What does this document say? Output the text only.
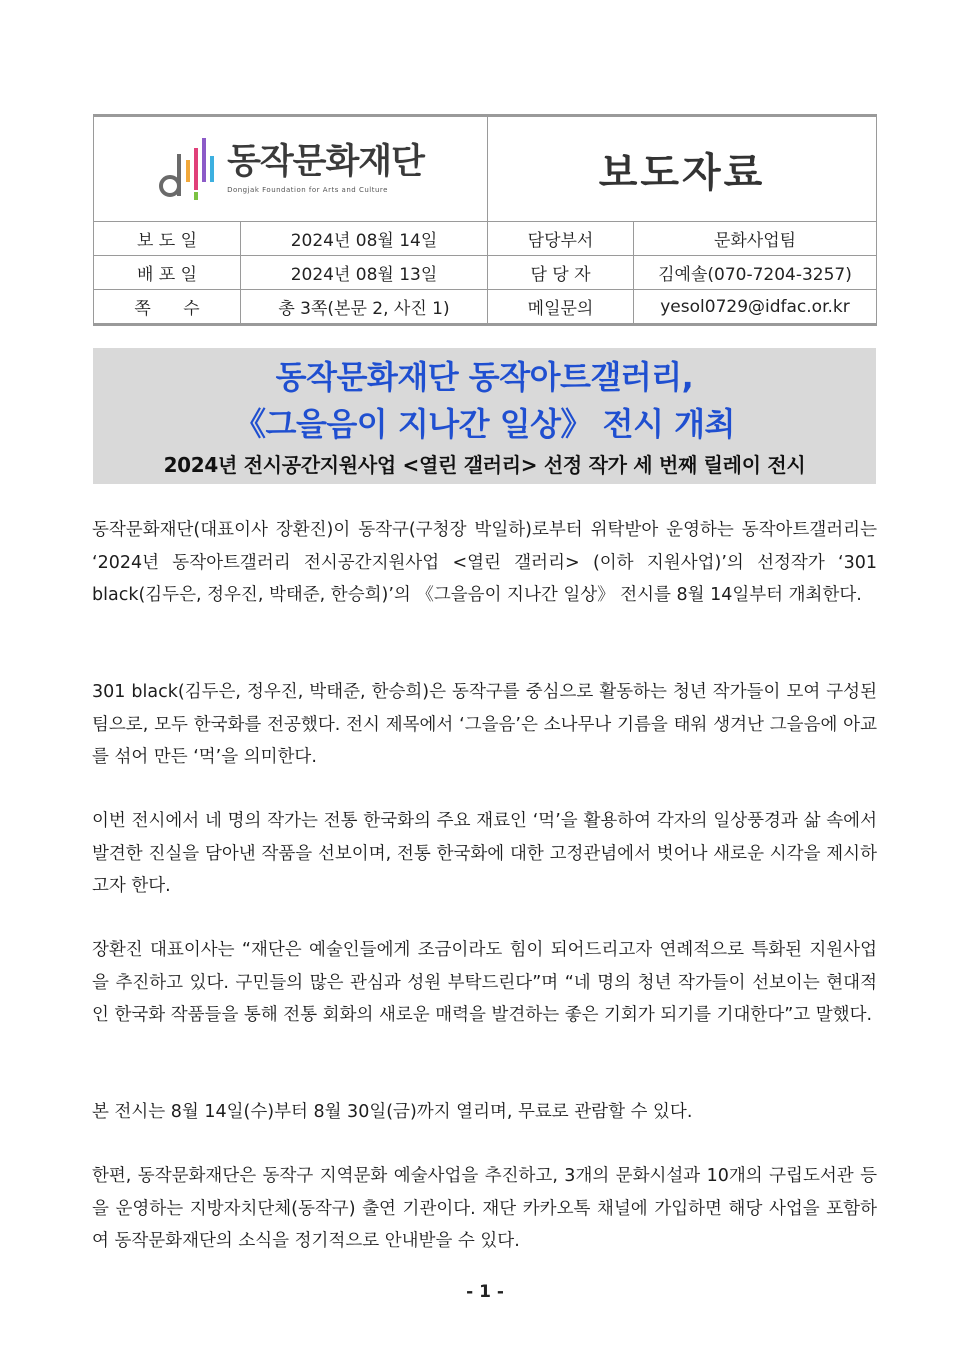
동작문화재단
Dongjak Foundation for Arts and Culture		보도자료	
보 도 일	2024년 08월 14일	담당부서	문화사업팀
배 포 일	2024년 08월 13일	담 당 자	김예솔(070-7204-3257)
쪽      수	총 3쪽(본문 2, 사진 1)	메일문의	yesol0729@idfac.or.kr
동작문화재단 동작아트갤러리,
《그을음이 지나간 일상》 전시 개최
2024년 전시공간지원사업 <열린 갤러리> 선정 작가 세 번째 릴레이 전시

동작문화재단(대표이사 장환진)이 동작구(구청장 박일하)로부터 위탁받아 운영하는 동작아트갤러리는 ‘2024년 동작아트갤러리 전시공간지원사업 <열린 갤러리> (이하 지원사업)’의 선정작가 ‘301 black(김두은, 정우진, 박태준, 한승희)’의 《그을음이 지나간 일상》 전시를 8월 14일부터 개최한다.

301 black(김두은, 정우진, 박태준, 한승희)은 동작구를 중심으로 활동하는 청년 작가들이 모여 구성된 팀으로, 모두 한국화를 전공했다. 전시 제목에서 ‘그을음’은 소나무나 기름을 태워 생겨난 그을음에 아교를 섞어 만든 ‘먹’을 의미한다.

이번 전시에서 네 명의 작가는 전통 한국화의 주요 재료인 ‘먹’을 활용하여 각자의 일상풍경과 삶 속에서 발견한 진실을 담아낸 작품을 선보이며, 전통 한국화에 대한 고정관념에서 벗어나 새로운 시각을 제시하고자 한다.

장환진 대표이사는 “재단은 예술인들에게 조금이라도 힘이 되어드리고자 연례적으로 특화된 지원사업을 추진하고 있다. 구민들의 많은 관심과 성원 부탁드린다”며 “네 명의 청년 작가들이 선보이는 현대적인 한국화 작품들을 통해 전통 회화의 새로운 매력을 발견하는 좋은 기회가 되기를 기대한다”고 말했다.

본 전시는 8월 14일(수)부터 8월 30일(금)까지 열리며, 무료로 관람할 수 있다.

한편, 동작문화재단은 동작구 지역문화 예술사업을 추진하고, 3개의 문화시설과 10개의 구립도서관 등을 운영하는 지방자치단체(동작구) 출연 기관이다. 재단 카카오톡 채널에 가입하면 해당 사업을 포함하여 동작문화재단의 소식을 정기적으로 안내받을 수 있다.

- 1 -
